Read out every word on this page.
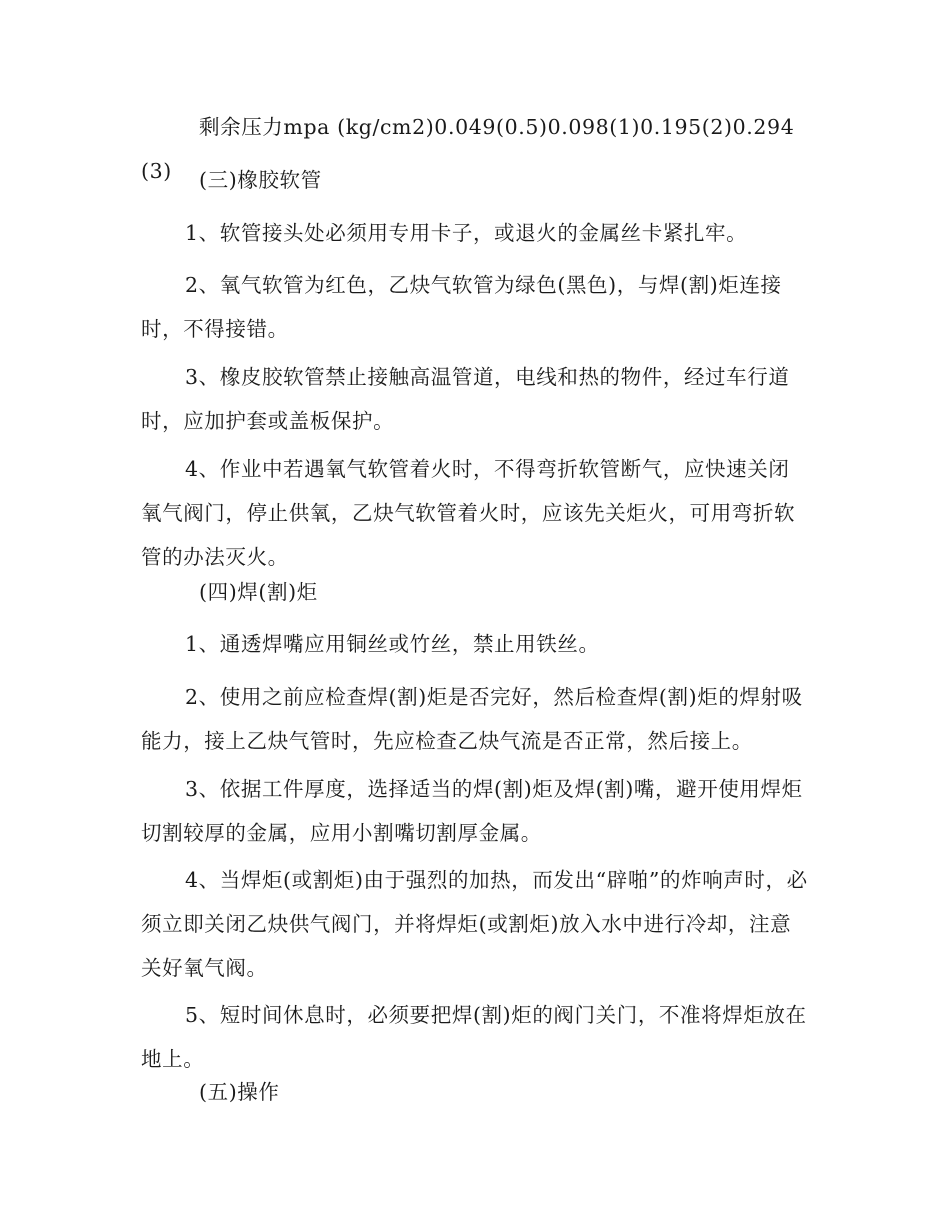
剩余压力mpa (kg/cm2)0.049(0.5)0.098(1)0.195(2)0.294(3)	(三)橡胶软管

1、软管接头处必须用专用卡子，或退火的金属丝卡紧扎牢。

2、氧气软管为红色，乙炔气软管为绿色(黑色)，与焊(割)炬连接时，不得接错。

3、橡皮胶软管禁止接触高温管道，电线和热的物件，经过车行道时，应加护套或盖板保护。

4、作业中若遇氧气软管着火时，不得弯折软管断气，应快速关闭氧气阀门，停止供氧，乙炔气软管着火时，应该先关炬火，可用弯折软管的办法灭火。

(四)焊(割)炬

1、通透焊嘴应用铜丝或竹丝，禁止用铁丝。

2、使用之前应检查焊(割)炬是否完好，然后检查焊(割)炬的焊射吸能力，接上乙炔气管时，先应检查乙炔气流是否正常，然后接上。

3、依据工件厚度，选择适当的焊(割)炬及焊(割)嘴，避开使用焊炬切割较厚的金属，应用小割嘴切割厚金属。

4、当焊炬(或割炬)由于强烈的加热，而发出“辟啪”的炸响声时，必须立即关闭乙炔供气阀门，并将焊炬(或割炬)放入水中进行冷却，注意关好氧气阀。

5、短时间休息时，必须要把焊(割)炬的阀门关门，不准将焊炬放在地上。

(五)操作
